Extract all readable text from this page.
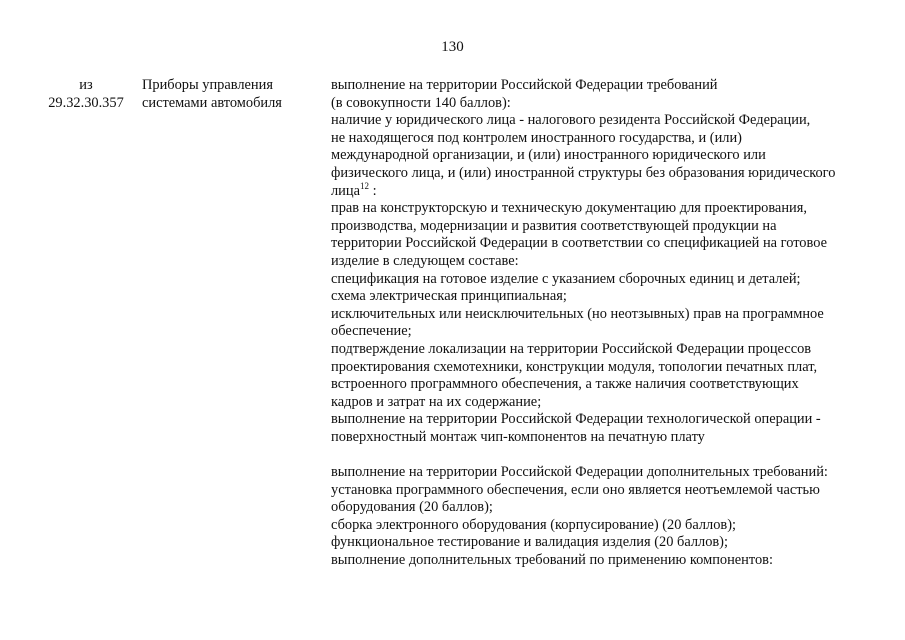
130
из
29.32.30.357
Приборы управления
системами автомобиля
выполнение на территории Российской Федерации требований
(в совокупности 140 баллов):
наличие у юридического лица - налогового резидента Российской Федерации,
не находящегося под контролем иностранного государства, и (или)
международной организации, и (или) иностранного юридического или
физического лица, и (или) иностранной структуры без образования юридического
лица$^{12}$ :
прав на конструкторскую и техническую документацию для проектирования,
производства, модернизации и развития соответствующей продукции на
территории Российской Федерации в соответствии со спецификацией на готовое
изделие в следующем составе:
спецификация на готовое изделие с указанием сборочных единиц и деталей;
схема электрическая принципиальная;
исключительных или неисключительных (но неотзывных) прав на программное
обеспечение;
подтверждение локализации на территории Российской Федерации процессов
проектирования схемотехники, конструкции модуля, топологии печатных плат,
встроенного программного обеспечения, а также наличия соответствующих
кадров и затрат на их содержание;
выполнение на территории Российской Федерации технологической операции -
поверхностный монтаж чип-компонентов на печатную плату
выполнение на территории Российской Федерации дополнительных требований:
установка программного обеспечения, если оно является неотъемлемой частью
оборудования (20 баллов);
сборка электронного оборудования (корпусирование) (20 баллов);
функциональное тестирование и валидация изделия (20 баллов);
выполнение дополнительных требований по применению компонентов:
